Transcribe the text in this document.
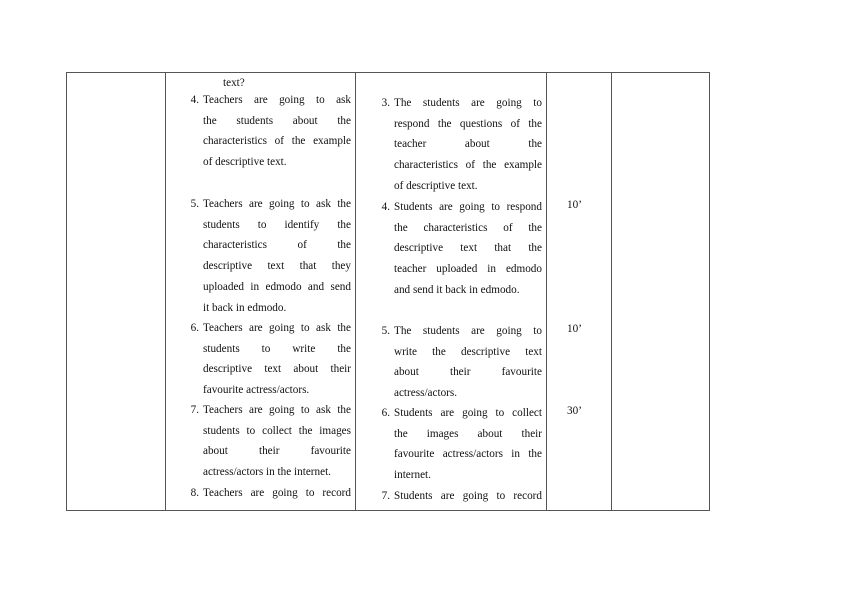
text?
4. Teachers are going to ask
the students about the
characteristics of the example
of descriptive text.
5. Teachers are going to ask the
students to identify the
characteristics of the
descriptive text that they
uploaded in edmodo and send
it back in edmodo.
6. Teachers are going to ask the
students to write the
descriptive text about their
favourite actress/actors.
7. Teachers are going to ask the
students to collect the images
about their favourite
actress/actors in the internet.
8. Teachers are going to record
3. The students are going to
respond the questions of the
teacher about the
characteristics of the example
of descriptive text.
4. Students are going to respond
the characteristics of the
descriptive text that the
teacher uploaded in edmodo
and send it back in edmodo.
5. The students are going to
write the descriptive text
about their favourite
actress/actors.
6. Students are going to collect
the images about their
favourite actress/actors in the
internet.
7. Students are going to record
10’
10’
30’
